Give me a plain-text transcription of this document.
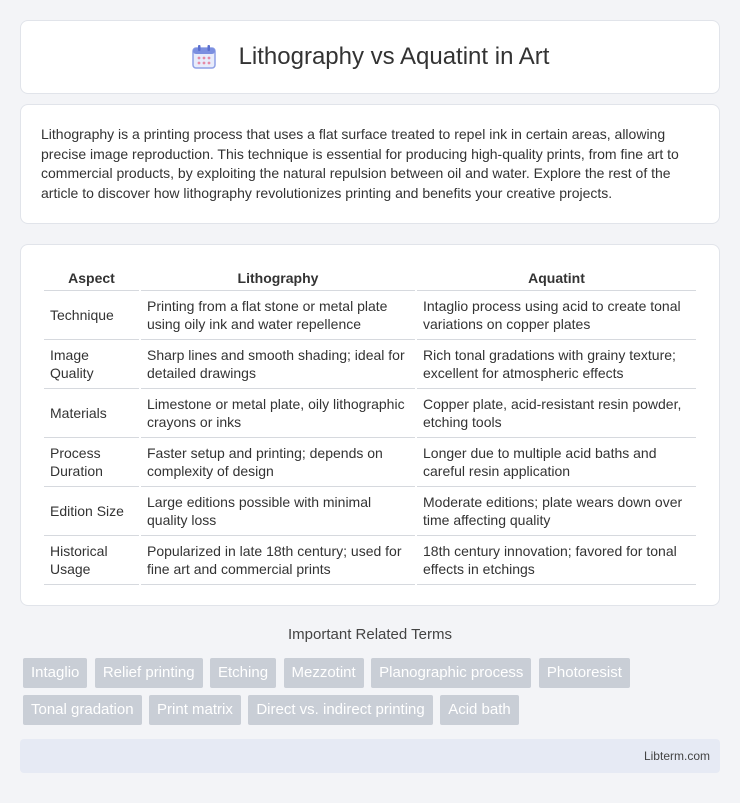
Lithography vs Aquatint in Art

Lithography is a printing process that uses a flat surface treated to repel ink in certain areas, allowing precise image reproduction. This technique is essential for producing high-quality prints, from fine art to commercial products, by exploiting the natural repulsion between oil and water. Explore the rest of the article to discover how lithography revolutionizes printing and benefits your creative projects.

Aspect	Lithography	Aquatint
Technique	Printing from a flat stone or metal plate using oily ink and water repellence	Intaglio process using acid to create tonal variations on copper plates
Image Quality	Sharp lines and smooth shading; ideal for detailed drawings	Rich tonal gradations with grainy texture; excellent for atmospheric effects
Materials	Limestone or metal plate, oily lithographic crayons or inks	Copper plate, acid-resistant resin powder, etching tools
Process Duration	Faster setup and printing; depends on complexity of design	Longer due to multiple acid baths and careful resin application
Edition Size	Large editions possible with minimal quality loss	Moderate editions; plate wears down over time affecting quality
Historical Usage	Popularized in late 18th century; used for fine art and commercial prints	18th century innovation; favored for tonal effects in etchings
Important Related Terms
Intaglio Relief printing Etching Mezzotint Planographic process Photoresist Tonal gradation Print matrix Direct vs. indirect printing Acid bath
Libterm.com
